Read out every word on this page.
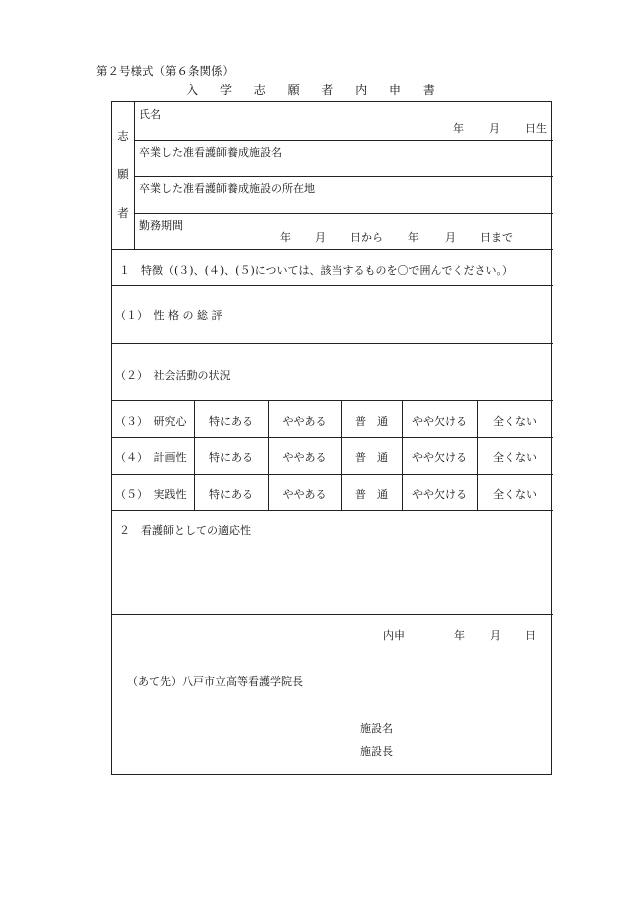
第２号様式（第６条関係）
入 学 志 願 者 内 申 書
志
願
者
氏名
年 月 日生
卒業した准看護師養成施設名
卒業した准看護師養成施設の所在地
勤務期間
年 月 日から 年 月 日まで
１　特徴（(３)、(４)、(５)については、該当するものを〇で囲んでください。）
（１）　性 格 の 総 評
（２）　社会活動の状況
（３）　研究心	特にある	ややある	普　通	やや欠ける	全くない
（４）　計画性	特にある	ややある	普　通	やや欠ける	全くない
（５）　実践性	特にある	ややある	普　通	やや欠ける	全くない
２　看護師としての適応性
内申	年 月 日
（あて先）八戸市立高等看護学院長
施設名
施設長
